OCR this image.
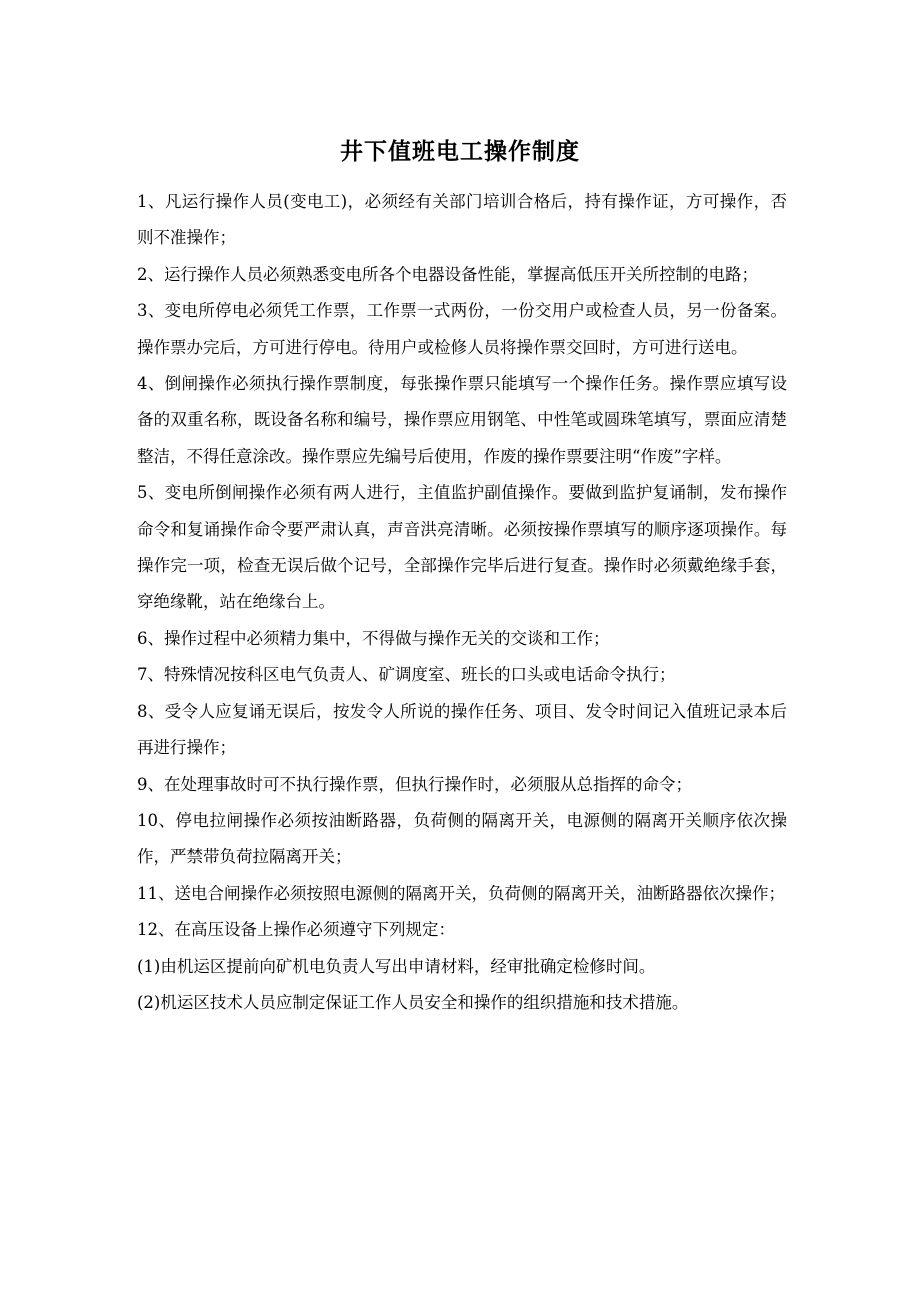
井下值班电工操作制度

1、凡运行操作人员(变电工)，必须经有关部门培训合格后，持有操作证，方可操作，否则不准操作；

2、运行操作人员必须熟悉变电所各个电器设备性能，掌握高低压开关所控制的电路；

3、变电所停电必须凭工作票，工作票一式两份，一份交用户或检查人员，另一份备案。操作票办完后，方可进行停电。待用户或检修人员将操作票交回时，方可进行送电。

4、倒闸操作必须执行操作票制度，每张操作票只能填写一个操作任务。操作票应填写设备的双重名称，既设备名称和编号，操作票应用钢笔、中性笔或圆珠笔填写，票面应清楚整洁，不得任意涂改。操作票应先编号后使用，作废的操作票要注明“作废”字样。

5、变电所倒闸操作必须有两人进行，主值监护副值操作。要做到监护复诵制，发布操作命令和复诵操作命令要严肃认真，声音洪亮清晰。必须按操作票填写的顺序逐项操作。每操作完一项，检查无误后做个记号，全部操作完毕后进行复查。操作时必须戴绝缘手套，穿绝缘靴，站在绝缘台上。

6、操作过程中必须精力集中，不得做与操作无关的交谈和工作；

7、特殊情况按科区电气负责人、矿调度室、班长的口头或电话命令执行；

8、受令人应复诵无误后，按发令人所说的操作任务、项目、发令时间记入值班记录本后再进行操作；

9、在处理事故时可不执行操作票，但执行操作时，必须服从总指挥的命令；

10、停电拉闸操作必须按油断路器，负荷侧的隔离开关，电源侧的隔离开关顺序依次操作，严禁带负荷拉隔离开关；

11、送电合闸操作必须按照电源侧的隔离开关，负荷侧的隔离开关，油断路器依次操作；

12、在高压设备上操作必须遵守下列规定：

(1)由机运区提前向矿机电负责人写出申请材料，经审批确定检修时间。

(2)机运区技术人员应制定保证工作人员安全和操作的组织措施和技术措施。
